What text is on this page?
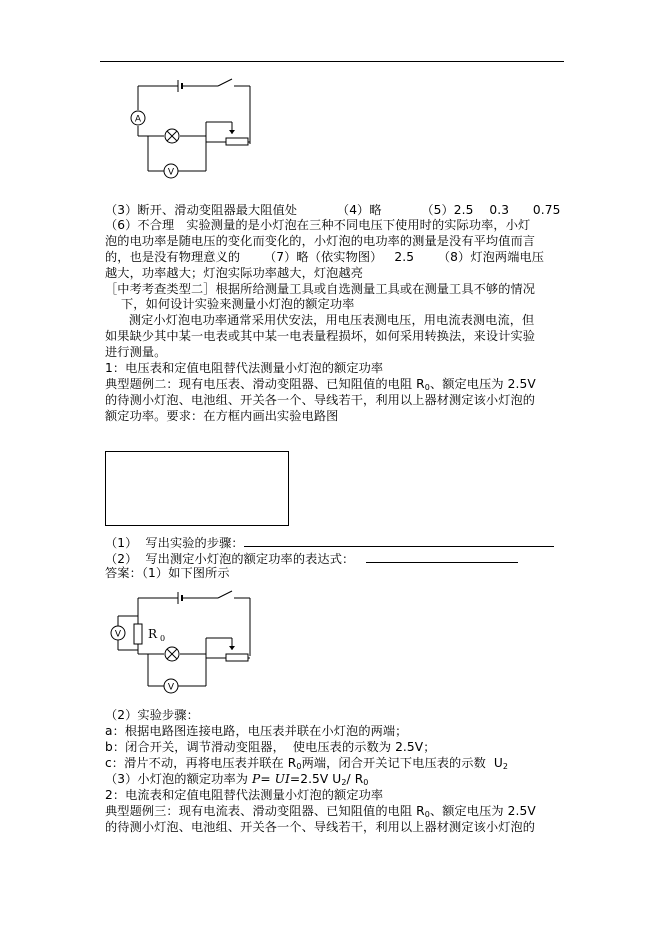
A
V
（3）断开、滑动变阻器最大阻值处          （4）略          （5）2.5    0.3      0.75
（6）不合理   实验测量的是小灯泡在三种不同电压下使用时的实际功率，小灯
泡的电功率是随电压的变化而变化的，小灯泡的电功率的测量是没有平均值而言
的，也是没有物理意义的      （7）略（依实物图）   2.5      （8）灯泡两端电压
越大，功率越大；灯泡实际功率越大，灯泡越亮
［中考考查类型二］根据所给测量工具或自选测量工具或在测量工具不够的情况
下，如何设计实验来测量小灯泡的额定功率
测定小灯泡电功率通常采用伏安法，用电压表测电压，用电流表测电流，但
如果缺少其中某一电表或其中某一电表量程损坏，如何采用转换法，来设计实验
进行测量。
1：电压表和定值电阻替代法测量小灯泡的额定功率
典型题例二：现有电压表、滑动变阻器、已知阻值的电阻 $R_0$、额定电压为 2.5V
的待测小灯泡、电池组、开关各一个、导线若干，利用以上器材测定该小灯泡的
额定功率。要求：在方框内画出实验电路图
（1）  写出实验的步骤：
（2）  写出测定小灯泡的额定功率的表达式：
答案：（1）如下图所示
V R 0
V
（2）实验步骤：
a：根据电路图连接电路，电压表并联在小灯泡的两端；
b：闭合开关，调节滑动变阻器，  使电压表的示数为 2.5V；
c：滑片不动，再将电压表并联在 $R_0$两端，闭合开关记下电压表的示数  $U_2$
（3）小灯泡的额定功率为 P= UI=2.5V $U_2/$ $R_0$
2：电流表和定值电阻替代法测量小灯泡的额定功率
典型题例三：现有电流表、滑动变阻器、已知阻值的电阻 $R_0$、额定电压为 2.5V
的待测小灯泡、电池组、开关各一个、导线若干，利用以上器材测定该小灯泡的
